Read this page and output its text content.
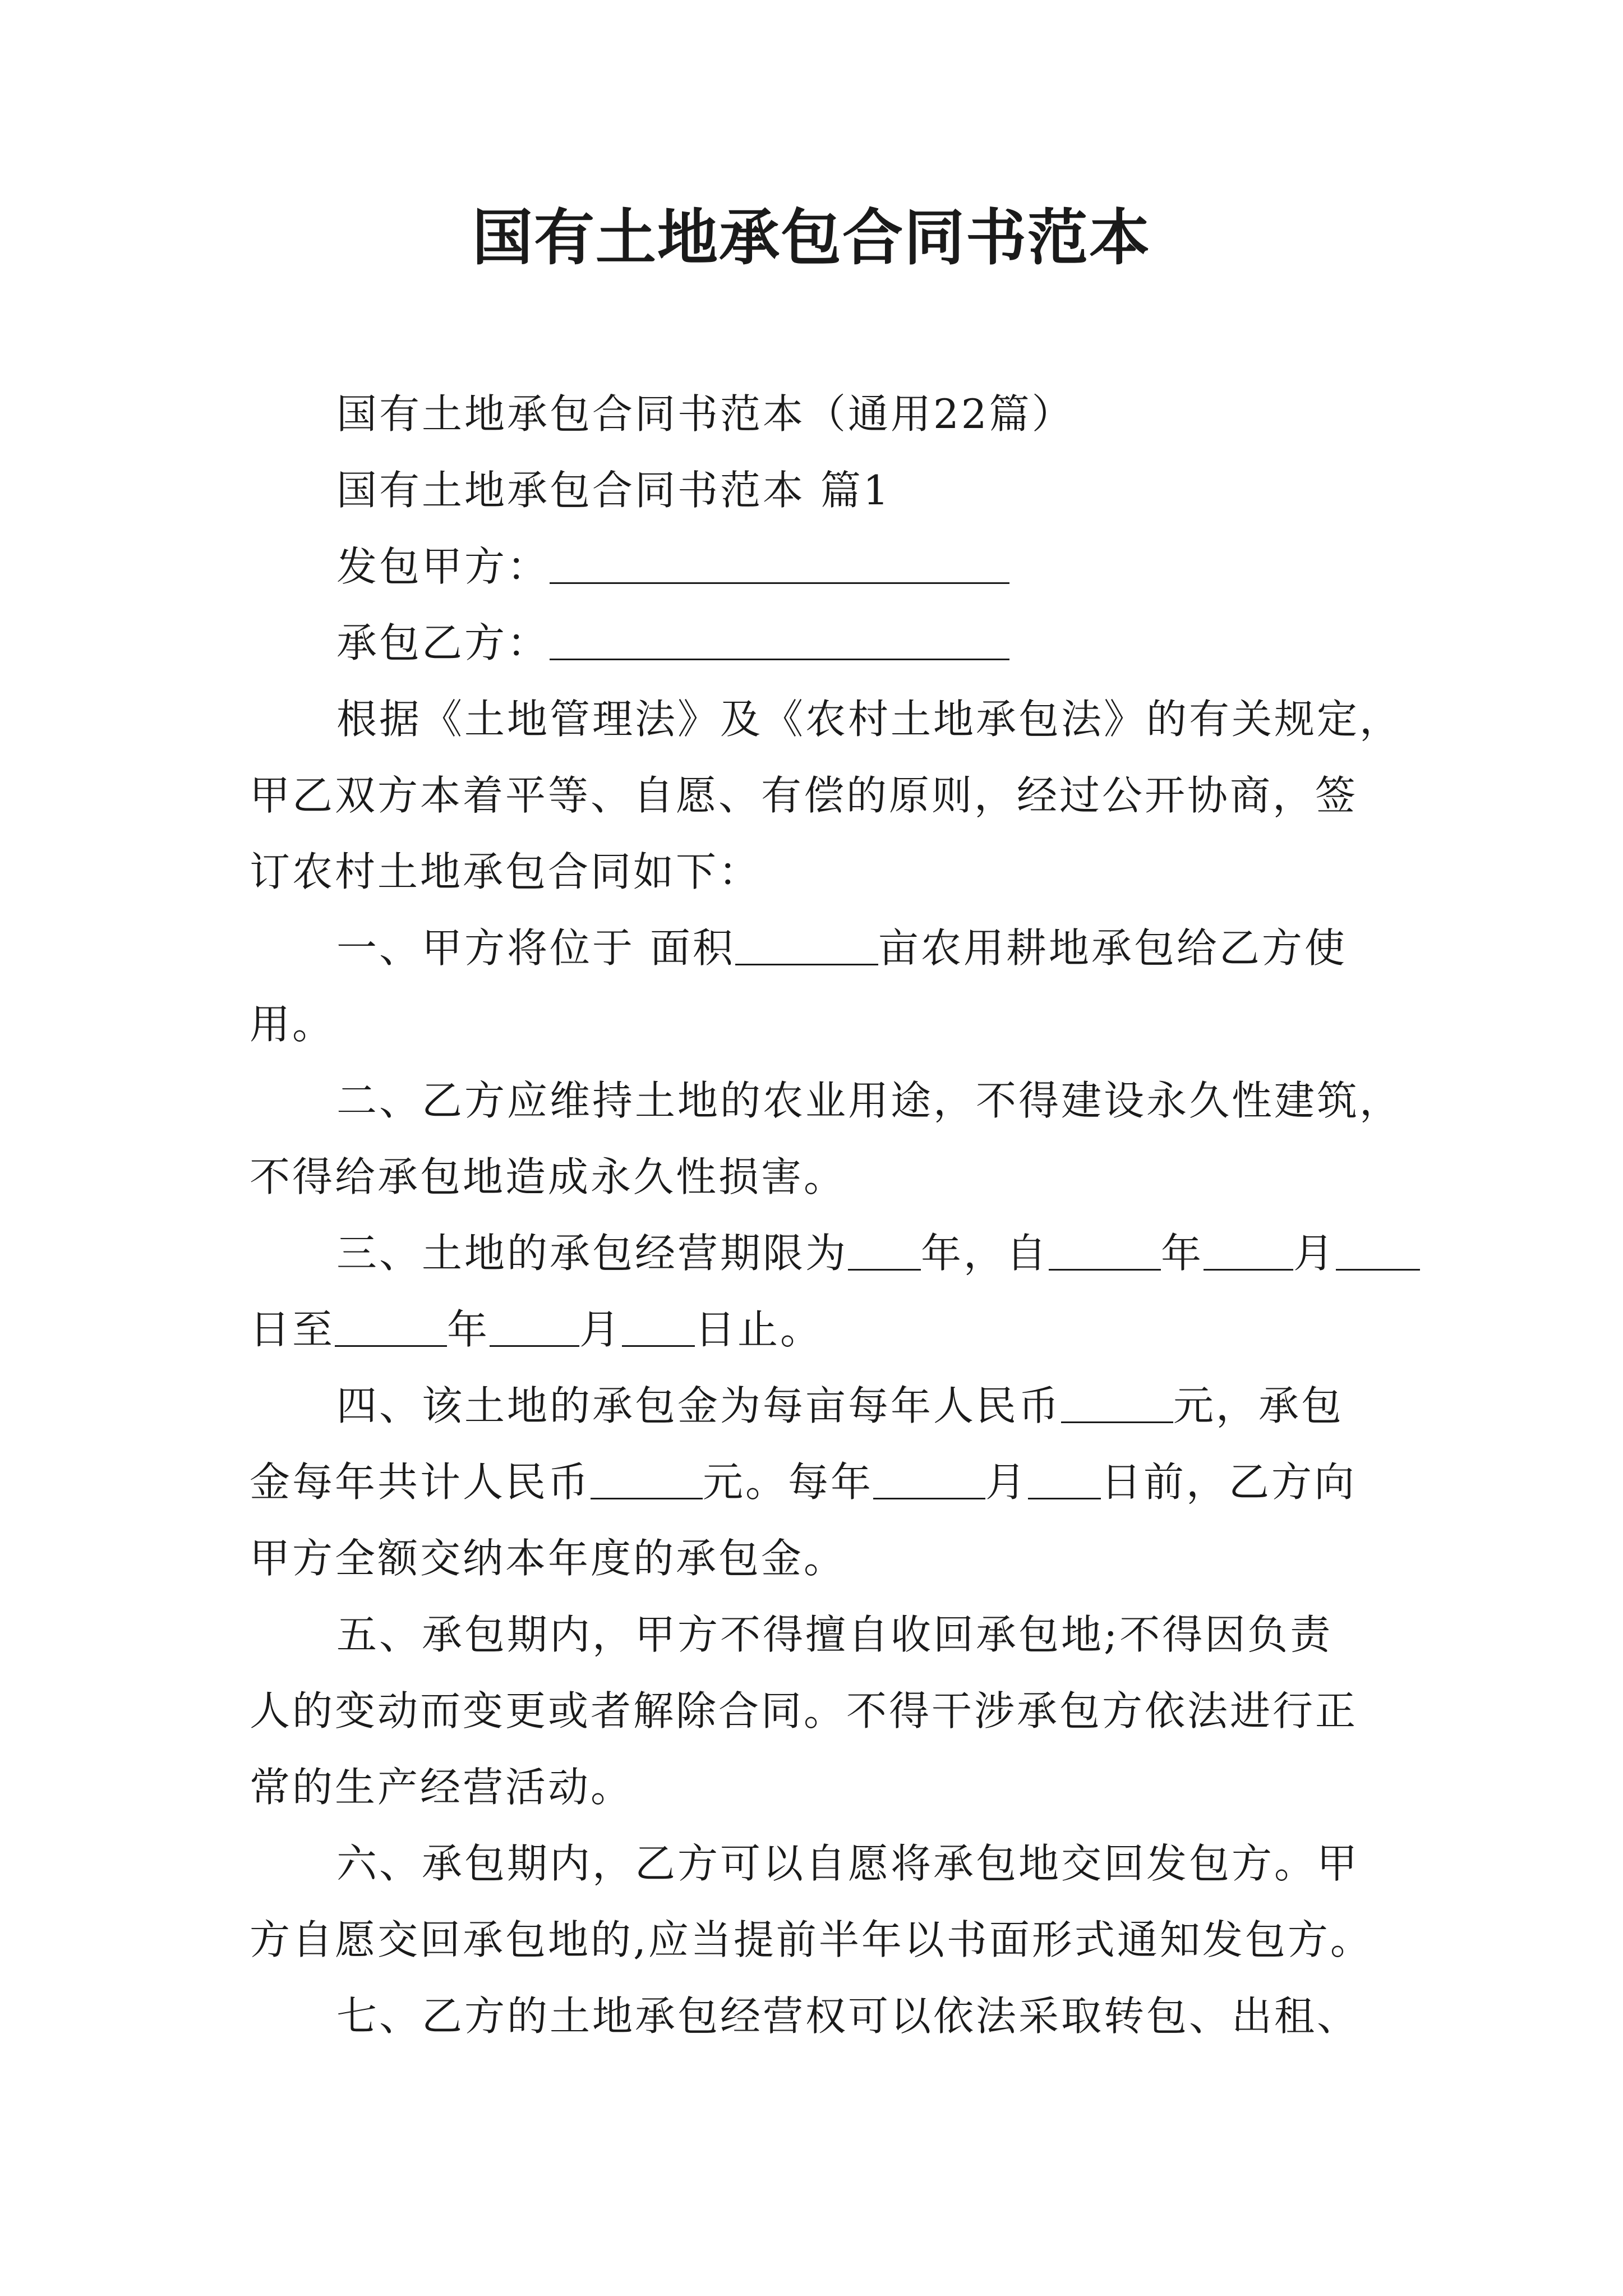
国有土地承包合同书范本
国有土地承包合同书范本（通用22篇）
国有土地承包合同书范本 篇1
发包甲方：
承包乙方：
根据《土地管理法》及《农村土地承包法》的有关规定，
甲乙双方本着平等、自愿、有偿的原则，经过公开协商，签
订农村土地承包合同如下：
一、甲方将位于 面积	亩农用耕地承包给乙方使
用。
二、乙方应维持土地的农业用途，不得建设永久性建筑，
不得给承包地造成永久性损害。
三、土地的承包经营期限为 年，自	年 月
日至	年 月 日止。
四、该土地的承包金为每亩每年人民币	元，承包
金每年共计人民币	元。每年	月 日前，乙方向
甲方全额交纳本年度的承包金。
五、承包期内，甲方不得擅自收回承包地;不得因负责
人的变动而变更或者解除合同。不得干涉承包方依法进行正
常的生产经营活动。
六、承包期内，乙方可以自愿将承包地交回发包方。甲
方自愿交回承包地的,应当提前半年以书面形式通知发包方。
七、乙方的土地承包经营权可以依法采取转包、出租、
